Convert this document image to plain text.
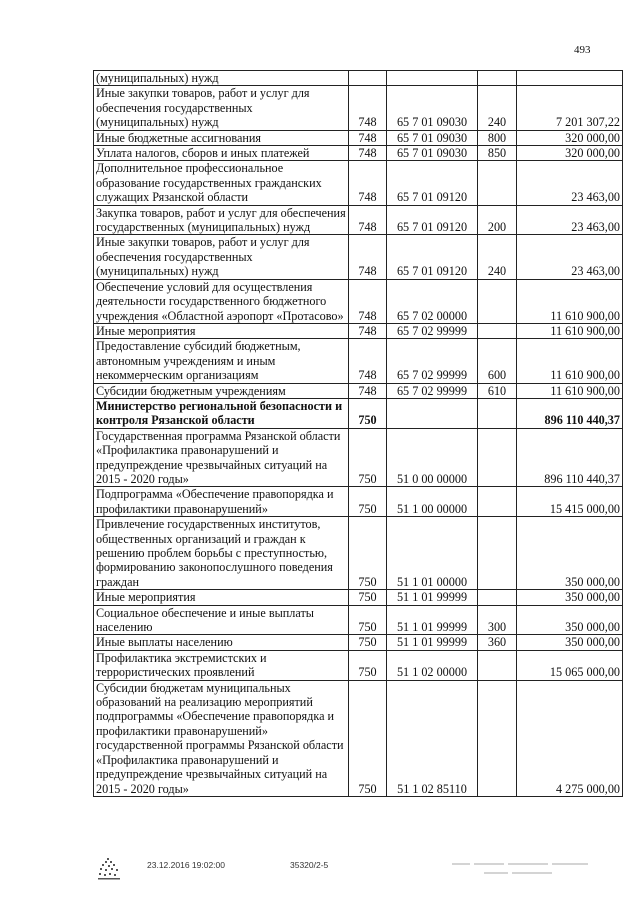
493
(муниципальных) нужд				
Иные закупки товаров, работ и услуг для обеспечения государственных (муниципальных) нужд	748	65 7 01 09030	240	7 201 307,22
Иные бюджетные ассигнования	748	65 7 01 09030	800	320 000,00
Уплата налогов, сборов и иных платежей	748	65 7 01 09030	850	320 000,00
Дополнительное профессиональное образование государственных гражданских служащих Рязанской области	748	65 7 01 09120		23 463,00
Закупка товаров, работ и услуг для обеспечения государственных (муниципальных) нужд	748	65 7 01 09120	200	23 463,00
Иные закупки товаров, работ и услуг для обеспечения государственных (муниципальных) нужд	748	65 7 01 09120	240	23 463,00
Обеспечение условий для осуществления деятельности государственного бюджетного учреждения «Областной аэропорт «Протасово»	748	65 7 02 00000		11 610 900,00
Иные мероприятия	748	65 7 02 99999		11 610 900,00
Предоставление субсидий бюджетным, автономным учреждениям и иным некоммерческим организациям	748	65 7 02 99999	600	11 610 900,00
Субсидии бюджетным учреждениям	748	65 7 02 99999	610	11 610 900,00
Министерство региональной безопасности и контроля Рязанской области	750			896 110 440,37
Государственная программа Рязанской области «Профилактика правонарушений и предупреждение чрезвычайных ситуаций на 2015 - 2020 годы»	750	51 0 00 00000		896 110 440,37
Подпрограмма «Обеспечение правопорядка и профилактики правонарушений»	750	51 1 00 00000		15 415 000,00
Привлечение государственных институтов, общественных организаций и граждан к решению проблем борьбы с преступностью, формированию законопослушного поведения граждан	750	51 1 01 00000		350 000,00
Иные мероприятия	750	51 1 01 99999		350 000,00
Социальное обеспечение и иные выплаты населению	750	51 1 01 99999	300	350 000,00
Иные выплаты населению	750	51 1 01 99999	360	350 000,00
Профилактика экстремистских и террористических проявлений	750	51 1 02 00000		15 065 000,00
Субсидии бюджетам муниципальных образований на реализацию мероприятий подпрограммы «Обеспечение правопорядка и профилактики правонарушений» государственной программы Рязанской области «Профилактика правонарушений и предупреждение чрезвычайных ситуаций на 2015 - 2020 годы»	750	51 1 02 85110		4 275 000,00
23.12.2016 19:02:00	35320/2-5
